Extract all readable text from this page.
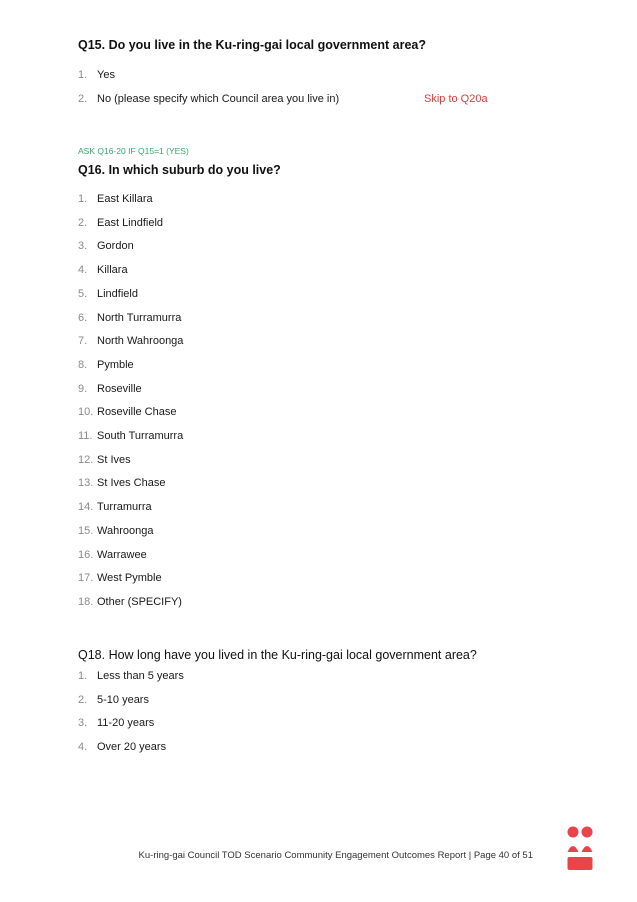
Q15. Do you live in the Ku-ring-gai local government area?
1. Yes
2. No (please specify which Council area you live in)	Skip to Q20a
ASK Q16-20 IF Q15=1 (YES)
Q16. In which suburb do you live?
1. East Killara
2. East Lindfield
3. Gordon
4. Killara
5. Lindfield
6. North Turramurra
7. North Wahroonga
8. Pymble
9. Roseville
10. Roseville Chase
11. South Turramurra
12. St Ives
13. St Ives Chase
14. Turramurra
15. Wahroonga
16. Warrawee
17. West Pymble
18. Other (SPECIFY)
Q18. How long have you lived in the Ku-ring-gai local government area?
1. Less than 5 years
2. 5-10 years
3. 11-20 years
4. Over 20 years
Ku-ring-gai Council TOD Scenario Community Engagement Outcomes Report | Page 40 of 51
